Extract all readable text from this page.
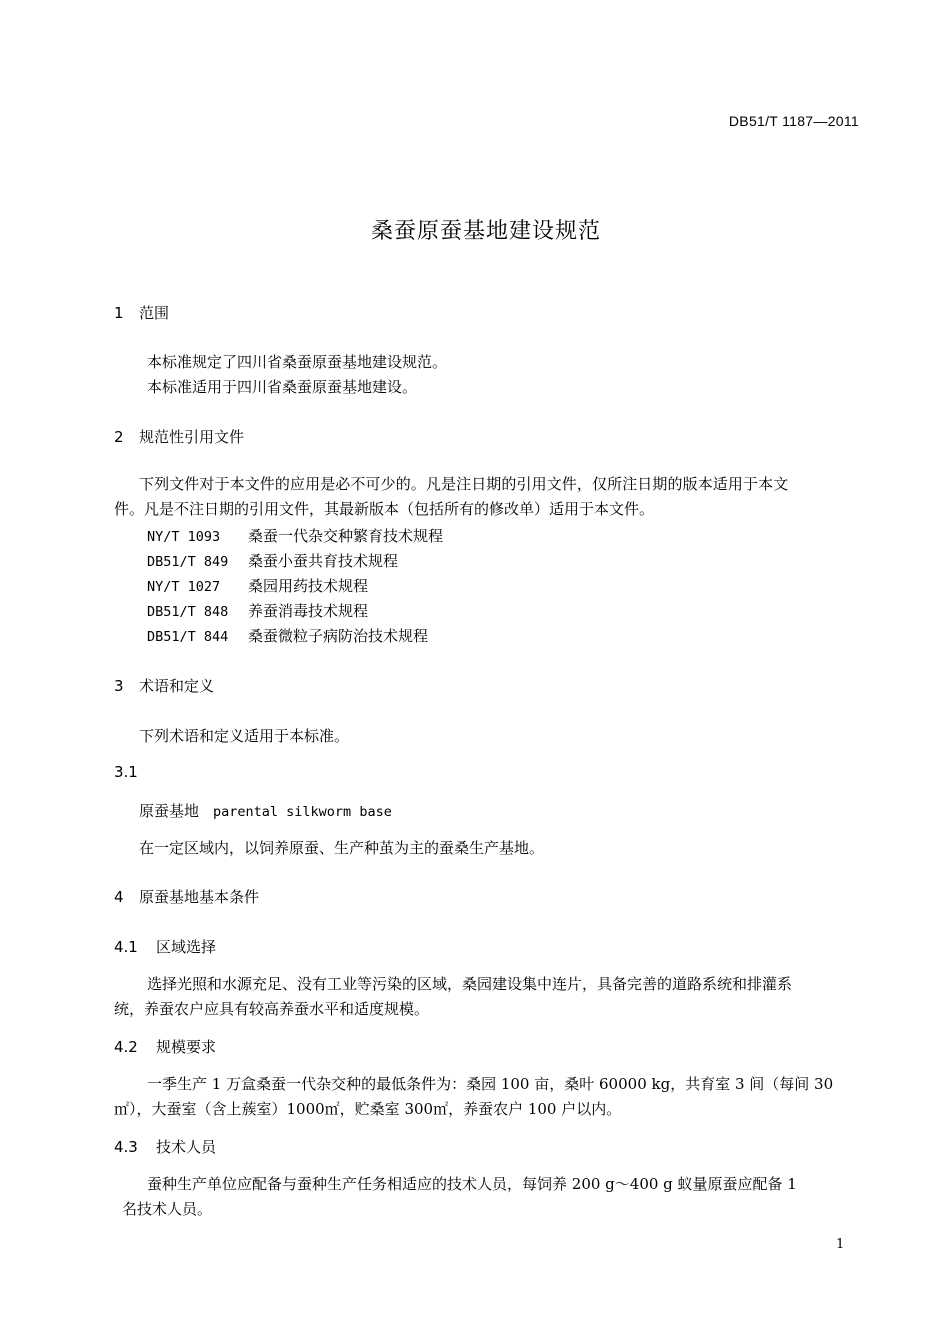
DB51/T 1187—2011
桑蚕原蚕基地建设规范
1 范围
本标准规定了四川省桑蚕原蚕基地建设规范。
本标准适用于四川省桑蚕原蚕基地建设。
2 规范性引用文件
下列文件对于本文件的应用是必不可少的。凡是注日期的引用文件，仅所注日期的版本适用于本文
件。凡是不注日期的引用文件，其最新版本（包括所有的修改单）适用于本文件。
NY/T 1093 桑蚕一代杂交种繁育技术规程
DB51/T 849 桑蚕小蚕共育技术规程
NY/T 1027 桑园用药技术规程
DB51/T 848 养蚕消毒技术规程
DB51/T 844 桑蚕微粒子病防治技术规程
3 术语和定义
下列术语和定义适用于本标准。
3.1
原蚕基地 parental silkworm base
在一定区域内，以饲养原蚕、生产种茧为主的蚕桑生产基地。
4 原蚕基地基本条件
4.1 区域选择
选择光照和水源充足、没有工业等污染的区域，桑园建设集中连片，具备完善的道路系统和排灌系
统，养蚕农户应具有较高养蚕水平和适度规模。
4.2 规模要求
一季生产 1 万盒桑蚕一代杂交种的最低条件为：桑园 100 亩，桑叶 60000 kg，共育室 3 间（每间 30
㎡），大蚕室（含上蔟室）1000㎡，贮桑室 300㎡，养蚕农户 100 户以内。
4.3 技术人员
蚕种生产单位应配备与蚕种生产任务相适应的技术人员，每饲养 200 g～400 g 蚁量原蚕应配备 1
名技术人员。
1
